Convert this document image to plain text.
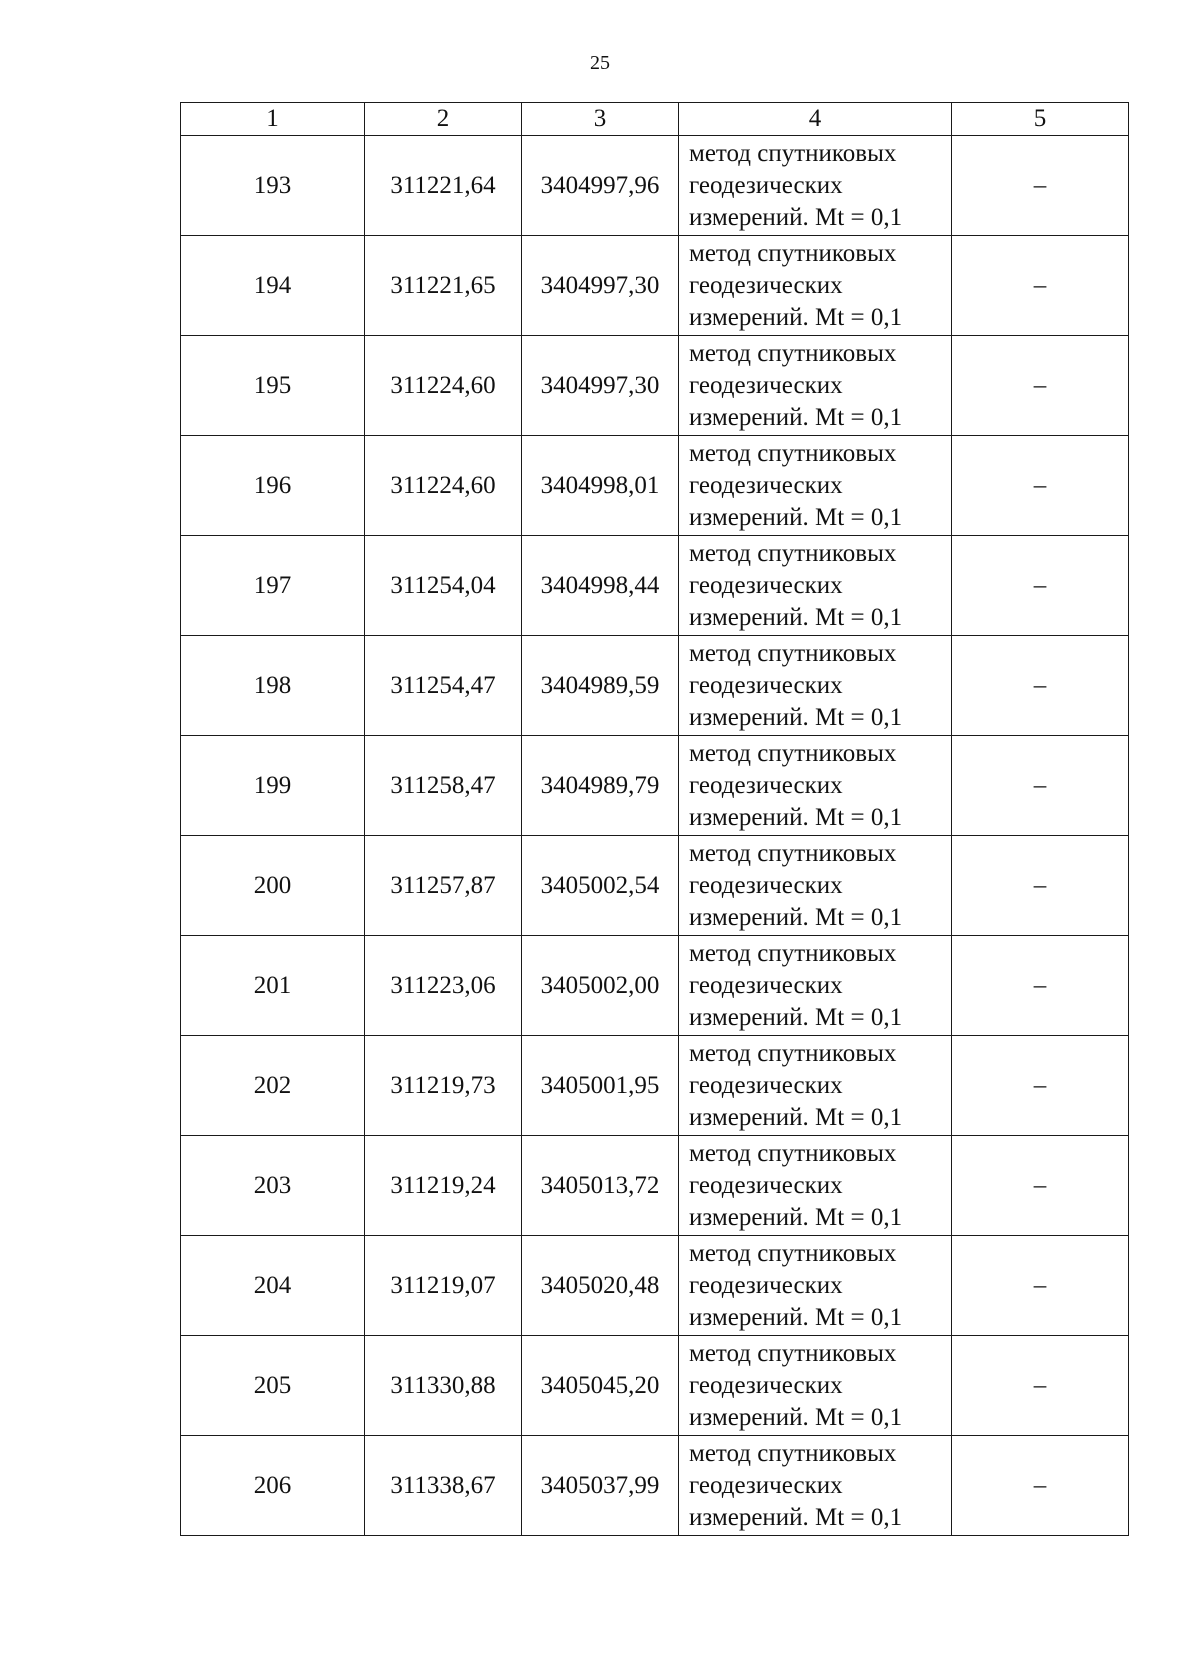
25
1	2	3	4	5
193	311221,64	3404997,96	метод спутниковых
геодезических
измерений. Mt = 0,1	–
194	311221,65	3404997,30	метод спутниковых
геодезических
измерений. Mt = 0,1	–
195	311224,60	3404997,30	метод спутниковых
геодезических
измерений. Mt = 0,1	–
196	311224,60	3404998,01	метод спутниковых
геодезических
измерений. Mt = 0,1	–
197	311254,04	3404998,44	метод спутниковых
геодезических
измерений. Mt = 0,1	–
198	311254,47	3404989,59	метод спутниковых
геодезических
измерений. Mt = 0,1	–
199	311258,47	3404989,79	метод спутниковых
геодезических
измерений. Mt = 0,1	–
200	311257,87	3405002,54	метод спутниковых
геодезических
измерений. Mt = 0,1	–
201	311223,06	3405002,00	метод спутниковых
геодезических
измерений. Mt = 0,1	–
202	311219,73	3405001,95	метод спутниковых
геодезических
измерений. Mt = 0,1	–
203	311219,24	3405013,72	метод спутниковых
геодезических
измерений. Mt = 0,1	–
204	311219,07	3405020,48	метод спутниковых
геодезических
измерений. Mt = 0,1	–
205	311330,88	3405045,20	метод спутниковых
геодезических
измерений. Mt = 0,1	–
206	311338,67	3405037,99	метод спутниковых
геодезических
измерений. Mt = 0,1	–
